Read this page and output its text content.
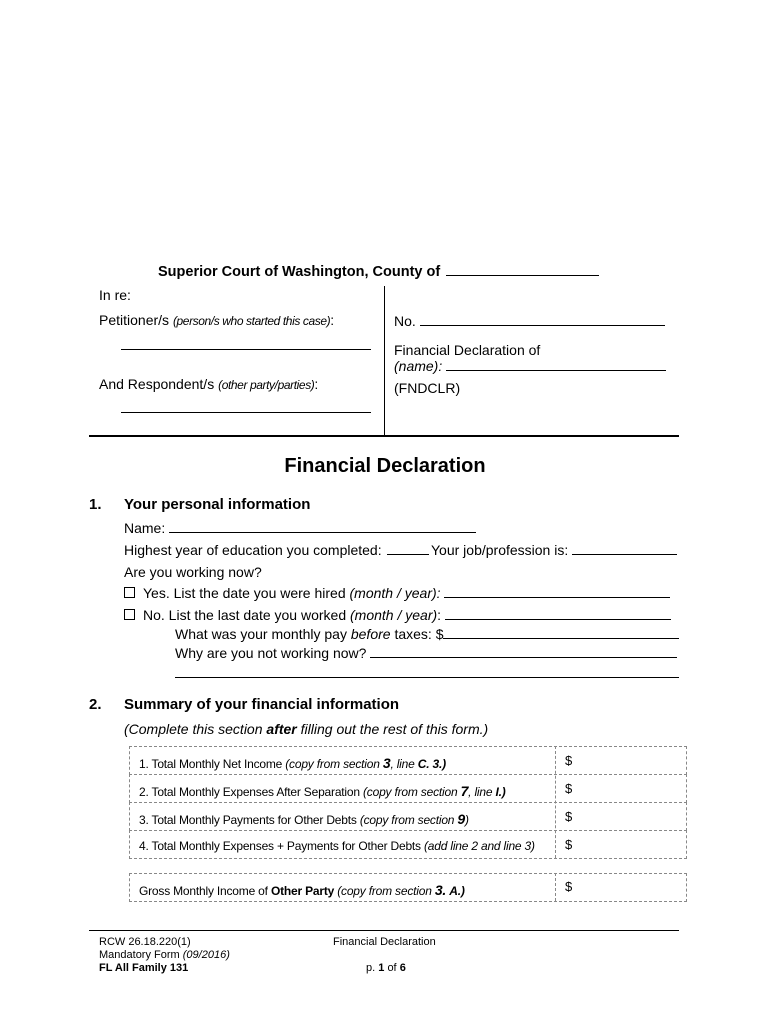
Superior Court of Washington, County of
In re:
Petitioner/s (person/s who started this case):
And Respondent/s (other party/parties):
No.
Financial Declaration of
(name):
(FNDCLR)
Financial Declaration
1. Your personal information
Name:
Highest year of education you completed:	Your job/profession is:
Are you working now?
Yes. List the date you were hired (month / year):
No. List the last date you worked (month / year):
What was your monthly pay before taxes: $
Why are you not working now?
2. Summary of your financial information
(Complete this section after filling out the rest of this form.)
1. Total Monthly Net Income (copy from section 3, line C. 3.)	$
2. Total Monthly Expenses After Separation (copy from section 7, line I.)	$
3. Total Monthly Payments for Other Debts (copy from section 9)	$
4. Total Monthly Expenses + Payments for Other Debts (add line 2 and line 3) $
Gross Monthly Income of Other Party (copy from section 3. A.)	$
RCW 26.18.220(1)
Mandatory Form (09/2016)
FL All Family 131
Financial Declaration
p. 1 of 6
